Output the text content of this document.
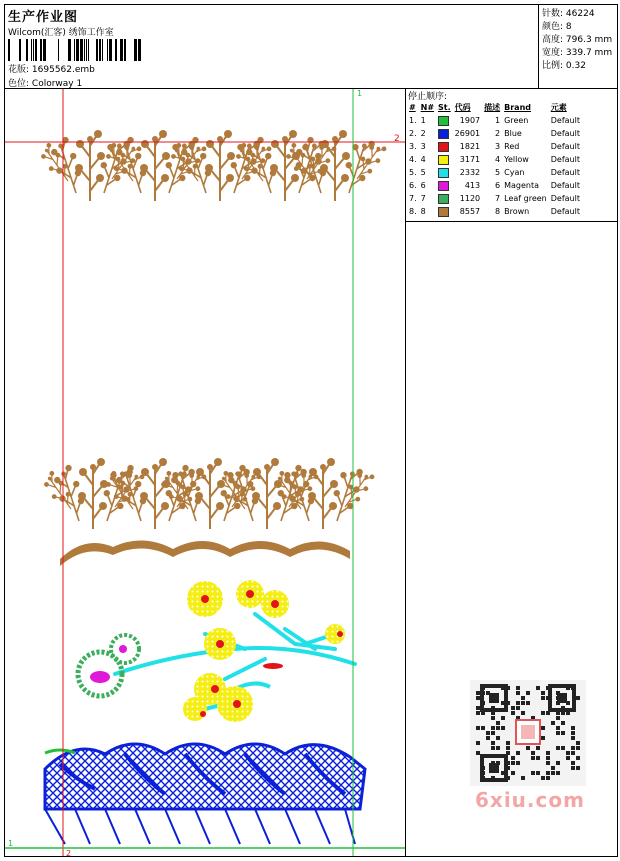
生产作业图
Wilcom(汇客) 绣饰工作室
花版: 1695562.emb
色位: Colorway 1
针数: 46224
颜色: 8
高度: 796.3 mm
宽度: 339.7 mm
比例: 0.32
1
2
1
2
停止顺序:
#	N#	St.	代码	描述	Brand	元素
1.	1		1907	1	Green	Default
2.	2		26901	2	Blue	Default
3.	3		1821	3	Red	Default
4.	4		3171	4	Yellow	Default
5.	5		2332	5	Cyan	Default
6.	6		413	6	Magenta	Default
7.	7		1120	7	Leaf green	Default
8.	8		8557	8	Brown	Default
6xiu.com
